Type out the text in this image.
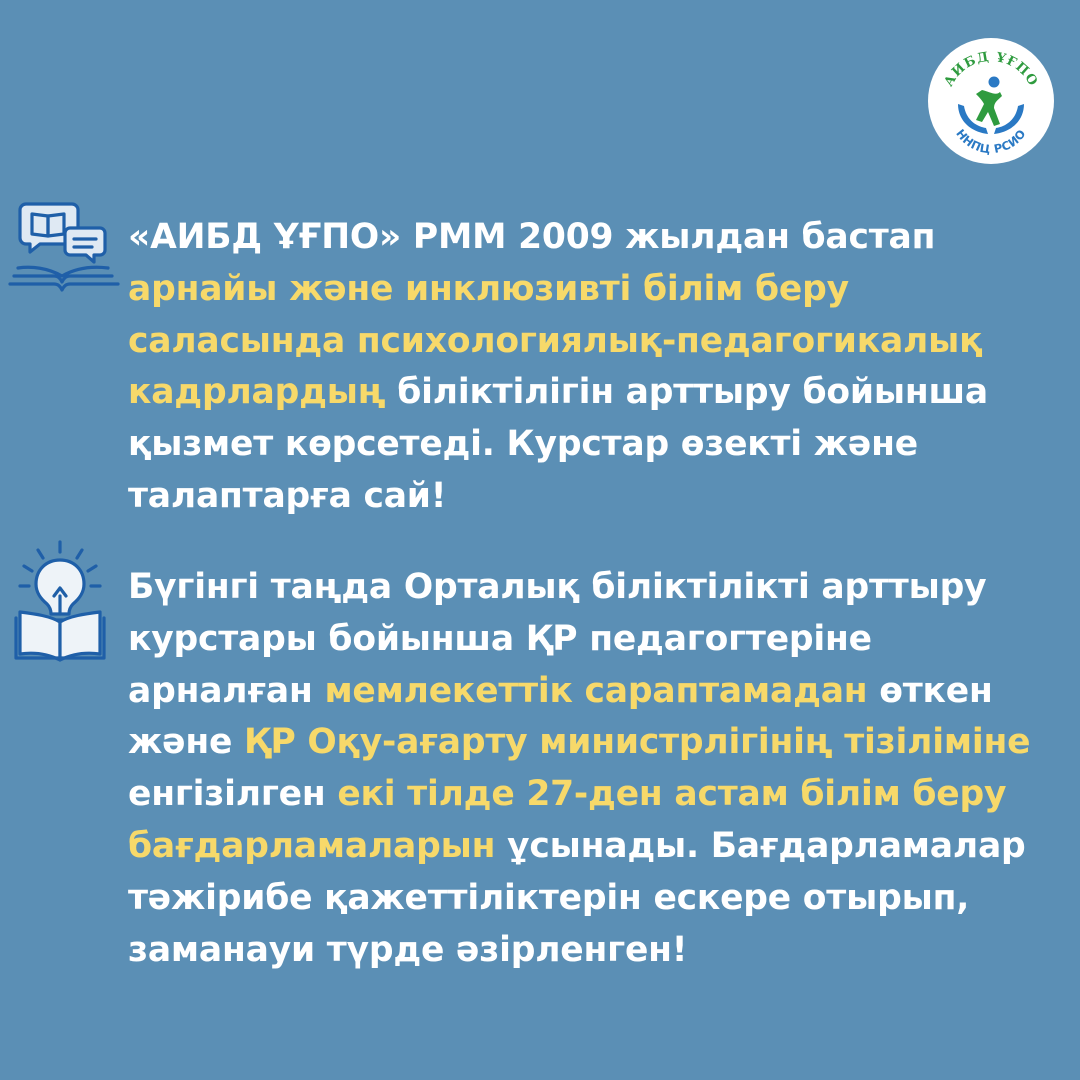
АИБД ҰҒПО
ННПЦ РСИО

«АИБД ҰҒПО» РММ 2009 жылдан бастап
арнайы және инклюзивті білім беру
саласында психологиялық-педагогикалық
кадрлардың біліктілігін арттыру бойынша
қызмет көрсетеді. Курстар өзекті және
талаптарға сай!

Бүгінгі таңда Орталық біліктілікті арттыру
курстары бойынша ҚР педагогтеріне
арналған мемлекеттік сараптамадан өткен
және ҚР Оқу-ағарту министрлігінің тізіліміне
енгізілген екі тілде 27-ден астам білім беру
бағдарламаларын ұсынады. Бағдарламалар
тәжірибе қажеттіліктерін ескере отырып,
заманауи түрде әзірленген!
